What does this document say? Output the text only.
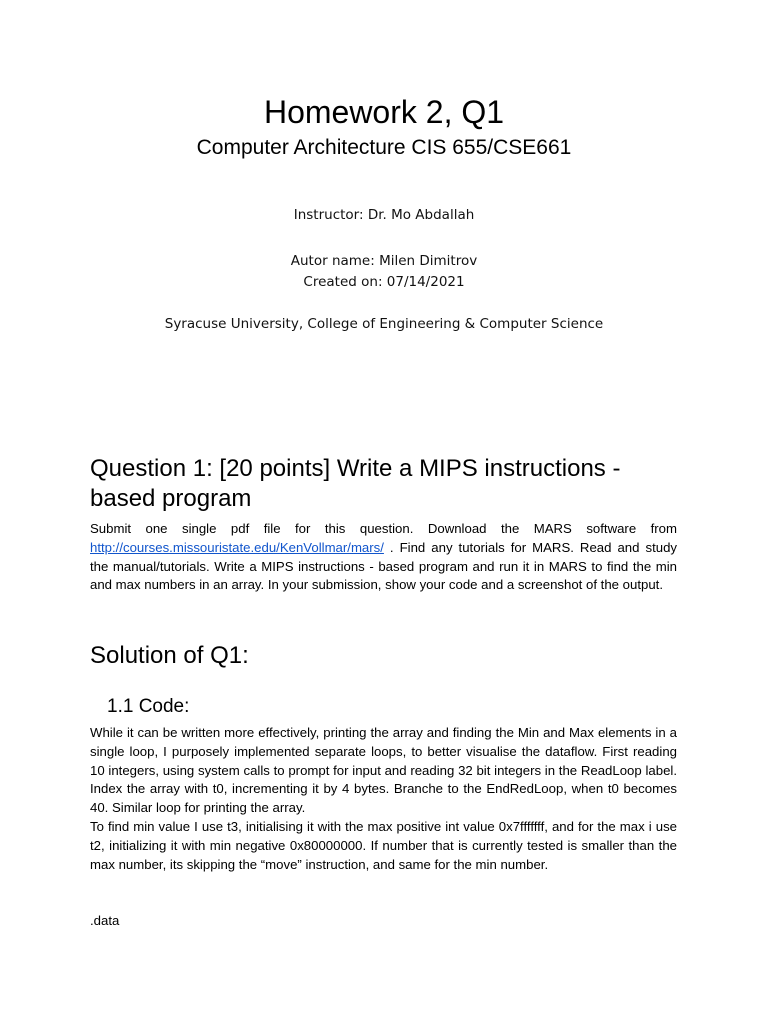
Homework 2, Q1
Computer Architecture CIS 655/CSE661
Instructor: Dr. Mo Abdallah
Autor name: Milen Dimitrov
Created on: 07/14/2021
Syracuse University, College of Engineering & Computer Science
Question 1: [20 points] Write a MIPS instructions - based program
Submit one single pdf file for this question. Download the MARS software from http://courses.missouristate.edu/KenVollmar/mars/ . Find any tutorials for MARS. Read and study the manual/tutorials. Write a MIPS instructions - based program and run it in MARS to find the min and max numbers in an array. In your submission, show your code and a screenshot of the output.
Solution of Q1:
1.1 Code:

While it can be written more effectively, printing the array and finding the Min and Max elements in a single loop, I purposely implemented separate loops, to better visualise the dataflow. First reading 10 integers, using system calls to prompt for input and reading 32 bit integers in the ReadLoop label. Index the array with t0, incrementing it by 4 bytes. Branche to the EndRedLoop, when t0 becomes 40. Similar loop for printing the array.

To find min value I use t3, initialising it with the max positive int value 0x7fffffff, and for the max i use t2, initializing it with min negative 0x80000000. If number that is currently tested is smaller than the max number, its skipping the “move” instruction, and same for the min number.

.data
